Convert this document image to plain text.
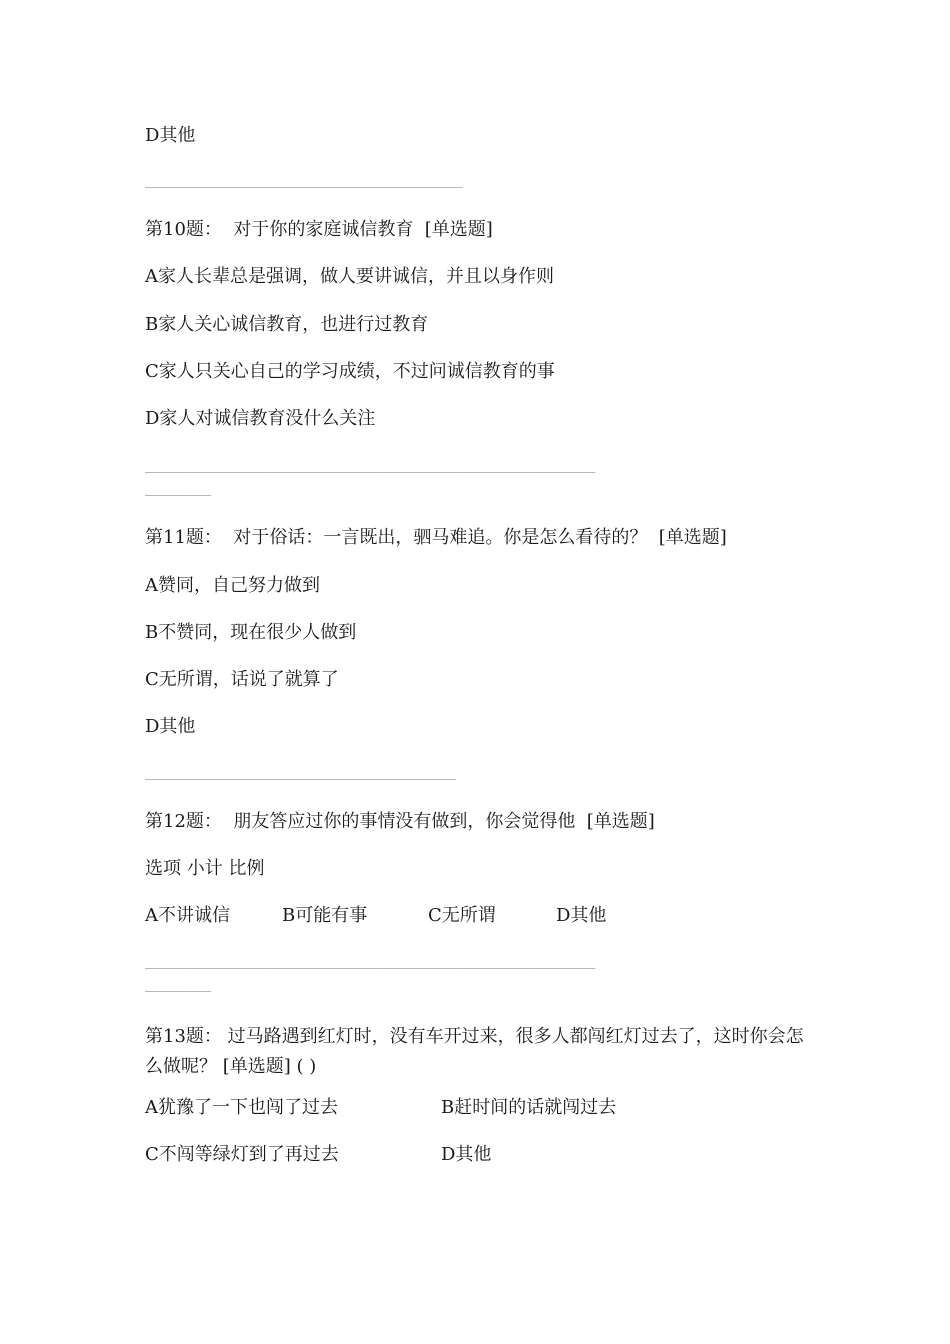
D其他
________________________________________________
第10题：  对于你的家庭诚信教育  [单选题]
A家人长辈总是强调，做人要讲诚信，并且以身作则
B家人关心诚信教育，也进行过教育
C家人只关心自己的学习成绩，不过问诚信教育的事
D家人对诚信教育没什么关注
____________________________________________________________________
__________
第11题：  对于俗话：一言既出，驷马难追。你是怎么看待的？  [单选题]
A赞同，自己努力做到
B不赞同，现在很少人做到
C无所谓，话说了就算了
D其他
_______________________________________________
第12题：  朋友答应过你的事情没有做到，你会觉得他  [单选题]
选项 小计 比例
A不讲诚信	B可能有事	C无所谓	D其他
____________________________________________________________________
__________
第13题： 过马路遇到红灯时，没有车开过来，很多人都闯红灯过去了，这时你会怎么做呢？ [单选题] ( )
A犹豫了一下也闯了过去	B赶时间的话就闯过去
C不闯等绿灯到了再过去	D其他
